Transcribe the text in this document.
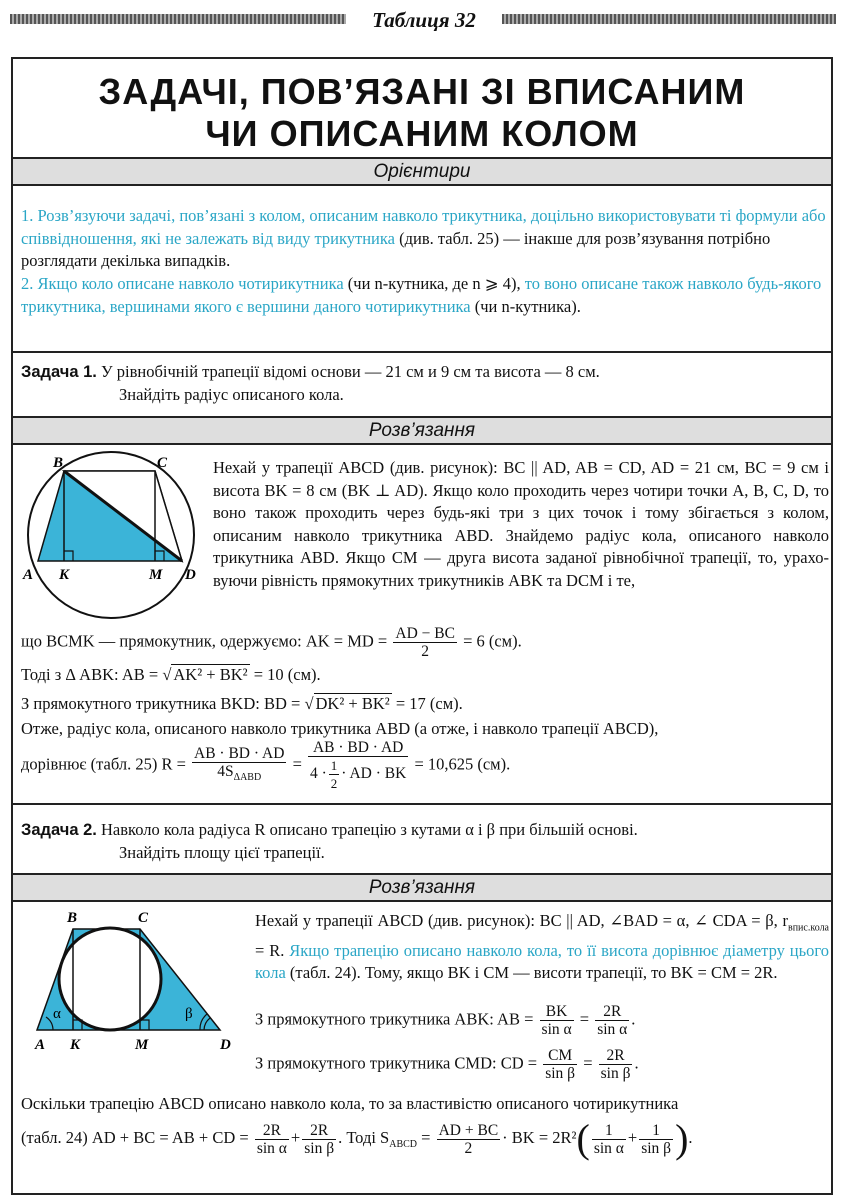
Таблиця 32
ЗАДАЧІ, ПОВ’ЯЗАНІ ЗІ ВПИСАНИМ
ЧИ ОПИСАНИМ КОЛОМ
Орієнтири
1. Розв’язуючи задачі, пов’язані з колом, описаним навколо трикутника, доцільно використовувати ті формули або співвідношення, які не залежать від виду трикутника (див. табл. 25) — інакше для розв’язування потрібно розглядати декілька випадків.
2. Якщо коло описане навколо чотирикутника (чи n-кутника, де n ⩾ 4), то воно описане також навколо будь-якого трикутника, вершинами якого є вершини даного чотирикутника (чи n-кутника).
Задача 1. У рівнобічній трапеції відомі основи — 21 см и 9 см та висота — 8 см.
Знайдіть радіус описаного кола.
Розв’язання
B	C
A K	M D
Нехай у трапеції ABCD (див. рисунок): BC || AD, AB = CD, AD = 21 см, BC = 9 см і висота BK = 8 см (BK ⊥ AD). Якщо коло проходить через чотири точки A, B, C, D, то воно також проходить через будь-які три з цих точок і тому збігається з колом, описаним навколо трикутника ABD. Знайдемо радіус кола, описаного навколо трикутника ABD. Якщо CM — друга висота заданої рівнобічної трапеції, то, ураховуючи рівність прямокутних трикутників ABK та DCM і те,
що BCMK — прямокутник, одержуємо: AK = MD = $\frac{AD - BC}{2} = 6$ (см).
Тоді з Δ ABK: AB = √ AK² + BK² = 10 (см).
З прямокутного трикутника BKD: BD = √ DK² + BK² = 17 (см).
Отже, радіус кола, описаного навколо трикутника ABD (а отже, і навколо трапеції ABCD),
дорівнює (табл. 25) $R = \frac{AB \cdot BD \cdot AD}{4S_{\Delta ABD}} = \frac{AB \cdot BD \cdot AD}{4 \cdot \frac{1}{2} \cdot AD \cdot BK} = 10,625$ (см).
Задача 2. Навколо кола радіуса R описано трапецію з кутами α і β при більшій основі.
Знайдіть площу цієї трапеції.
Розв’язання
B	C
A K	M	D
α	β
Нехай у трапеції ABCD (див. рисунок): BC || AD, ∠BAD = α, ∠ CDA = β, $r_{впис.кола} = R$. Якщо трапецію описано навколо кола, то її висота дорівнює діаметру цього кола (табл. 24). Тому, якщо BK і CM — висоти трапеції, то BK = CM = 2R.
З прямокутного трикутника ABK: AB = $\frac{BK}{\text{sin α}} = \frac{2R}{\text{sin α}}$ .
З прямокутного трикутника CMD: CD = $\frac{CM}{\text{sin β}} = \frac{2R}{\text{sin β}}$ .
Оскільки трапецію ABCD описано навколо кола, то за властивістю описаного чотирикутника
(табл. 24) AD + BC = AB + CD = $\frac{2R}{\text{sin α}} + \frac{2R}{\text{sin β}}$ . Тоді $S_{ABCD} = \frac{AD + BC}{2}$ · BK = $2R^2( \frac{1}{\text{sin α}} + \frac{1}{\text{sin β}}$ ).
